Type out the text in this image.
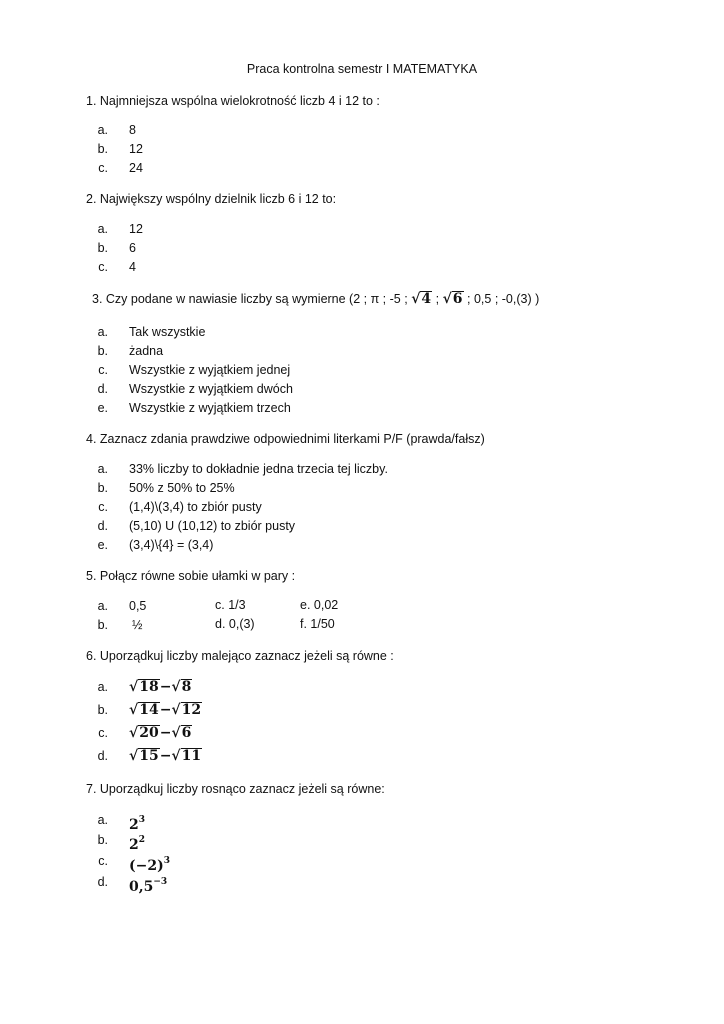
Praca kontrolna semestr I MATEMATYKA
1. Najmniejsza wspólna wielokrotność liczb 4 i 12 to :
a. 8
b. 12
c. 24
2. Największy wspólny dzielnik liczb 6 i 12 to:
a. 12
b. 6
c. 4
3. Czy podane w nawiasie liczby są wymierne (2 ; π ; -5 ; √4 ; √6 ; 0,5 ; -0,(3) )
a. Tak wszystkie
b. żadna
c. Wszystkie z wyjątkiem jednej
d. Wszystkie z wyjątkiem dwóch
e. Wszystkie z wyjątkiem trzech
4. Zaznacz zdania prawdziwe odpowiednimi literkami P/F (prawda/fałsz)
a. 33% liczby to dokładnie jedna trzecia tej liczby.
b. 50% z 50% to 25%
c. (1,4)\(3,4) to zbiór pusty
d. (5,10) U (10,12) to zbiór pusty
e. (3,4)\{4} = (3,4)
5. Połącz równe sobie ułamki w pary :
a. 0,5	c. 1/3	e. 0,02
b. ½	d. 0,(3)	f. 1/50
6. Uporządkuj liczby malejąco zaznacz jeżeli są równe :
a. √18−√8
b. √14−√12
c. √20−√6
d. √15−√11
7. Uporządkuj liczby rosnąco zaznacz jeżeli są równe:
a. $2^3$
b. $2^2$
c. $(-2)^3$
d. $0,5^{-3}$
